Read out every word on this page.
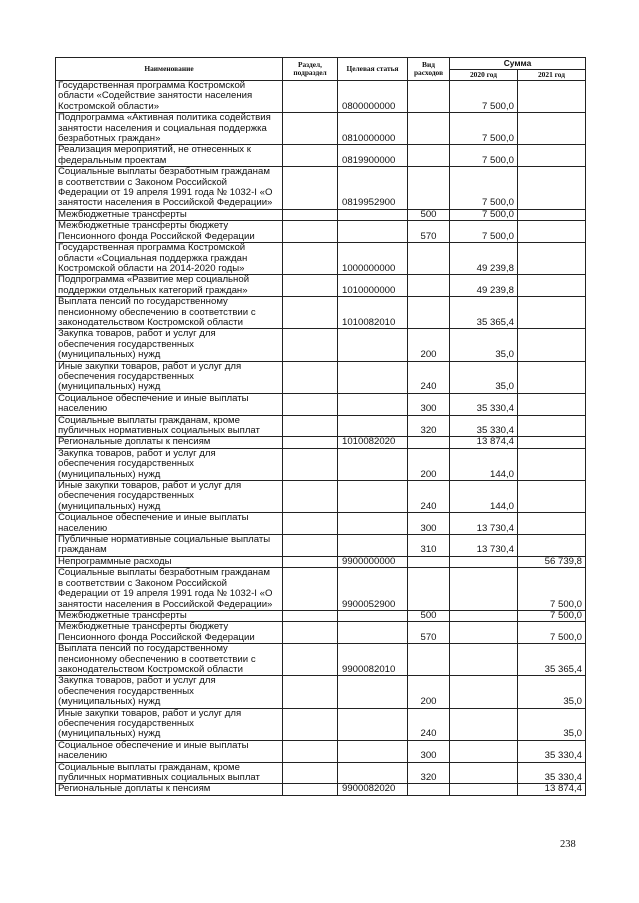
Наименование	Раздел, подраздел	Целевая статья	Вид расходов	Сумма	
				2020 год	2021 год
Государственная программа Костромской
области «Содействие занятости населения
Костромской области»		0800000000		7 500,0	
Подпрограмма «Активная политика содействия
занятости населения и социальная поддержка
безработных граждан»		0810000000		7 500,0	
Реализация мероприятий, не отнесенных к
федеральным проектам		0819900000		7 500,0	
Социальные выплаты безработным гражданам
в соответствии с Законом Российской
Федерации от 19 апреля 1991 года № 1032-I «О
занятости населения в Российской Федерации»		0819952900		7 500,0	
Межбюджетные трансферты			500	7 500,0	
Межбюджетные трансферты бюджету
Пенсионного фонда Российской Федерации			570	7 500,0	
Государственная программа Костромской
области «Социальная поддержка граждан
Костромской области на 2014-2020 годы»		1000000000		49 239,8	
Подпрограмма «Развитие мер социальной
поддержки отдельных категорий граждан»		1010000000		49 239,8	
Выплата пенсий по государственному
пенсионному обеспечению в соответствии с
законодательством Костромской области		1010082010		35 365,4	
Закупка товаров, работ и услуг для
обеспечения государственных
(муниципальных) нужд			200	35,0	
Иные закупки товаров, работ и услуг для
обеспечения государственных
(муниципальных) нужд			240	35,0	
Социальное обеспечение и иные выплаты
населению			300	35 330,4	
Социальные выплаты гражданам, кроме
публичных нормативных социальных выплат			320	35 330,4	
Региональные доплаты к пенсиям		1010082020		13 874,4	
Закупка товаров, работ и услуг для
обеспечения государственных
(муниципальных) нужд			200	144,0	
Иные закупки товаров, работ и услуг для
обеспечения государственных
(муниципальных) нужд			240	144,0	
Социальное обеспечение и иные выплаты
населению			300	13 730,4	
Публичные нормативные социальные выплаты
гражданам			310	13 730,4	
Непрограммные расходы		9900000000			56 739,8
Социальные выплаты безработным гражданам
в соответствии с Законом Российской
Федерации от 19 апреля 1991 года № 1032-I «О
занятости населения в Российской Федерации»		9900052900			7 500,0
Межбюджетные трансферты			500		7 500,0
Межбюджетные трансферты бюджету
Пенсионного фонда Российской Федерации			570		7 500,0
Выплата пенсий по государственному
пенсионному обеспечению в соответствии с
законодательством Костромской области		9900082010			35 365,4
Закупка товаров, работ и услуг для
обеспечения государственных
(муниципальных) нужд			200		35,0
Иные закупки товаров, работ и услуг для
обеспечения государственных
(муниципальных) нужд			240		35,0
Социальное обеспечение и иные выплаты
населению			300		35 330,4
Социальные выплаты гражданам, кроме
публичных нормативных социальных выплат			320		35 330,4
Региональные доплаты к пенсиям		9900082020			13 874,4
238
